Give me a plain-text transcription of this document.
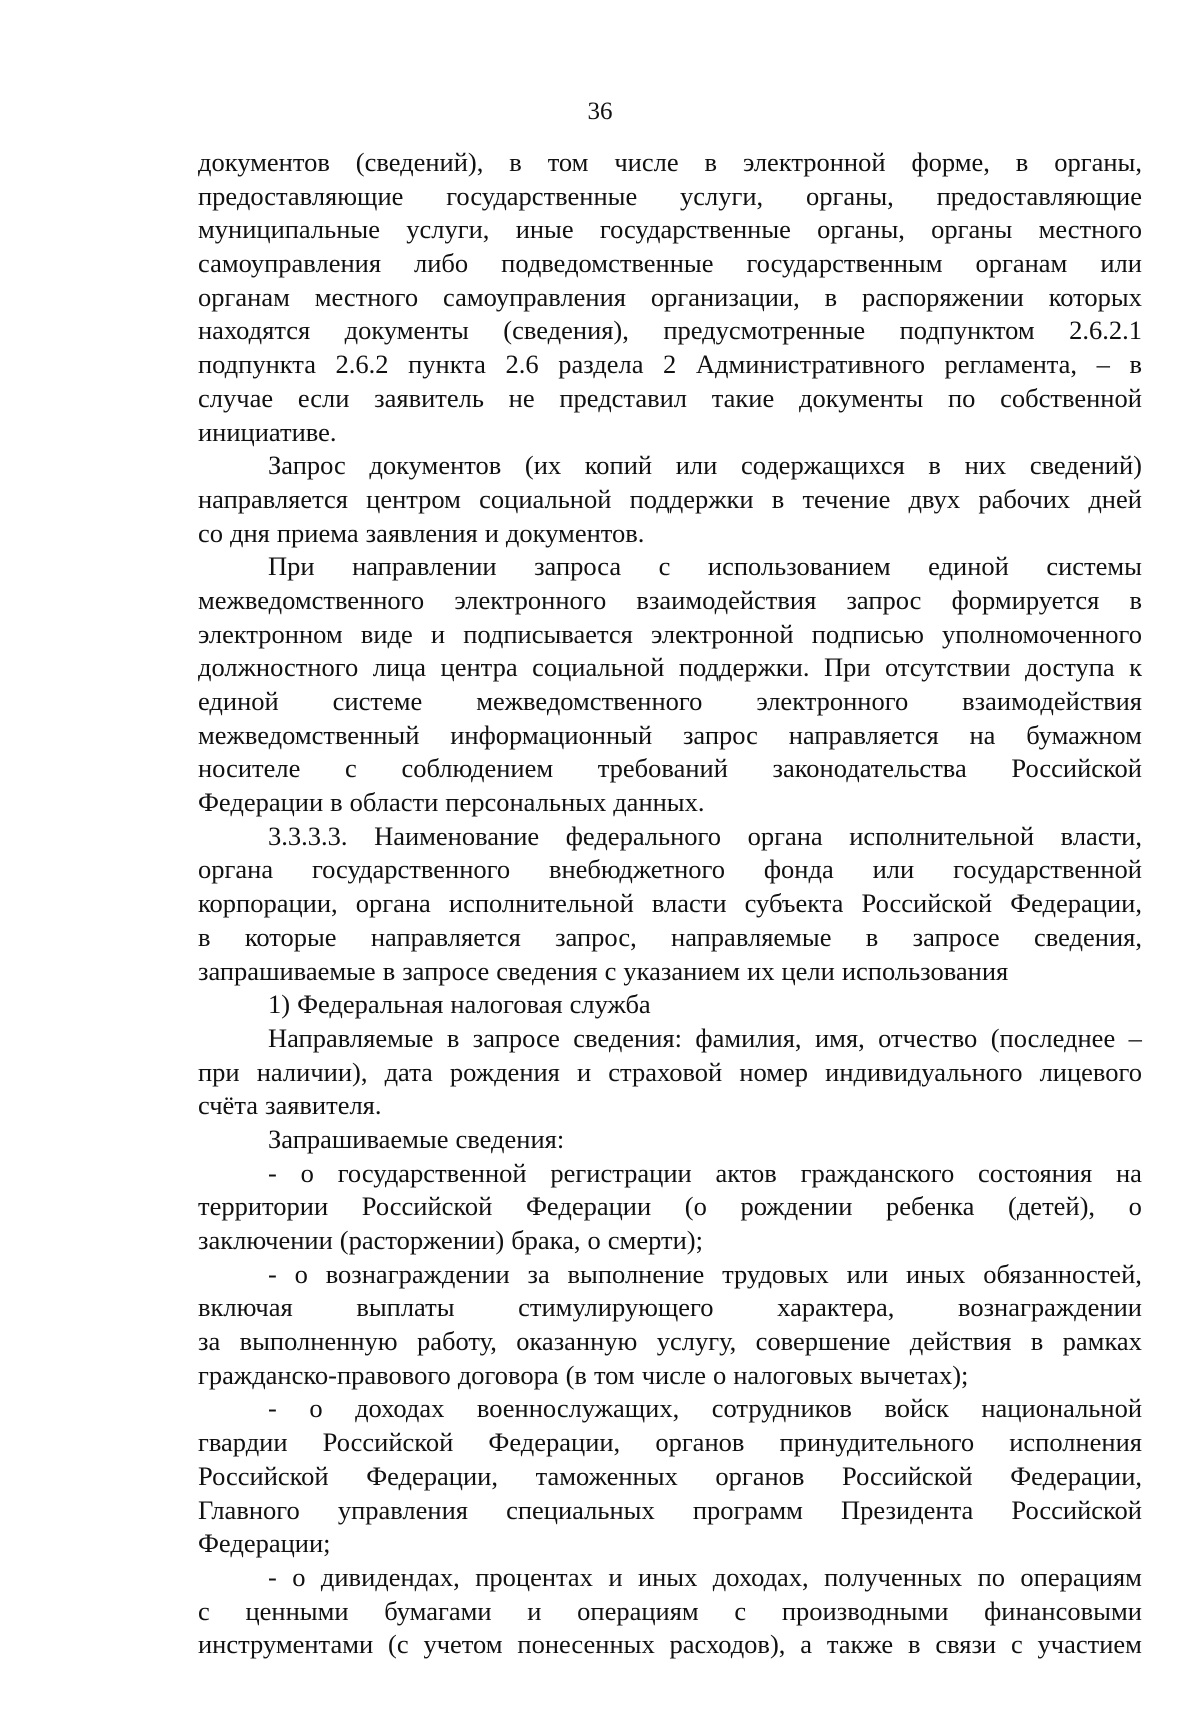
36
документов (сведений), в том числе в электронной форме, в органы,
предоставляющие государственные услуги, органы, предоставляющие
муниципальные услуги, иные государственные органы, органы местного
самоуправления либо подведомственные государственным органам или
органам местного самоуправления организации, в распоряжении которых
находятся документы (сведения), предусмотренные подпунктом 2.6.2.1
подпункта 2.6.2 пункта 2.6 раздела 2 Административного регламента, – в
случае если заявитель не представил такие документы по собственной
инициативе.
Запрос документов (их копий или содержащихся в них сведений)
направляется центром социальной поддержки в течение двух рабочих дней
со дня приема заявления и документов.
При направлении запроса с использованием единой системы
межведомственного электронного взаимодействия запрос формируется в
электронном виде и подписывается электронной подписью уполномоченного
должностного лица центра социальной поддержки. При отсутствии доступа к
единой системе межведомственного электронного взаимодействия
межведомственный информационный запрос направляется на бумажном
носителе с соблюдением требований законодательства Российской
Федерации в области персональных данных.
3.3.3.3. Наименование федерального органа исполнительной власти,
органа государственного внебюджетного фонда или государственной
корпорации, органа исполнительной власти субъекта Российской Федерации,
в которые направляется запрос, направляемые в запросе сведения,
запрашиваемые в запросе сведения с указанием их цели использования
1) Федеральная налоговая служба
Направляемые в запросе сведения: фамилия, имя, отчество (последнее –
при наличии), дата рождения и страховой номер индивидуального лицевого
счёта заявителя.
Запрашиваемые сведения:
- о государственной регистрации актов гражданского состояния на
территории Российской Федерации (о рождении ребенка (детей), о
заключении (расторжении) брака, о смерти);
- о вознаграждении за выполнение трудовых или иных обязанностей,
включая выплаты стимулирующего характера, вознаграждении
за выполненную работу, оказанную услугу, совершение действия в рамках
гражданско-правового договора (в том числе о налоговых вычетах);
- о доходах военнослужащих, сотрудников войск национальной
гвардии Российской Федерации, органов принудительного исполнения
Российской Федерации, таможенных органов Российской Федерации,
Главного управления специальных программ Президента Российской
Федерации;
- о дивидендах, процентах и иных доходах, полученных по операциям
с ценными бумагами и операциям с производными финансовыми
инструментами (с учетом понесенных расходов), а также в связи с участием
